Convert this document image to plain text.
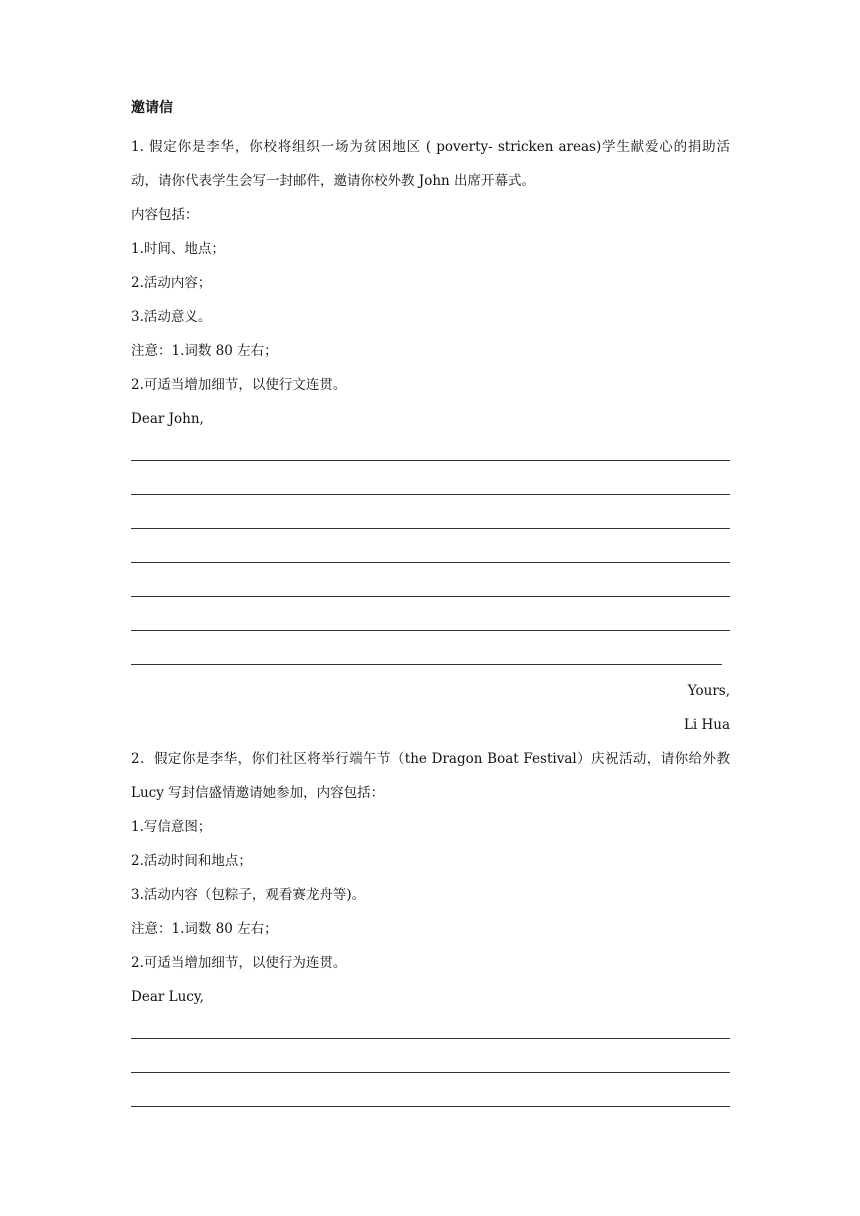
邀请信

1. 假定你是李华，你校将组织一场为贫困地区 ( poverty- stricken areas)学生献爱心的捐助活动，请你代表学生会写一封邮件，邀请你校外教 John 出席开幕式。

内容包括：

1.时间、地点；

2.活动内容；

3.活动意义。

注意：1.词数 80 左右；

2.可适当增加细节，以使行文连贯。

Dear John,

Yours,

Li Hua

2．假定你是李华，你们社区将举行端午节（the Dragon Boat Festival）庆祝活动，请你给外教 Lucy 写封信盛情邀请她参加，内容包括：

1.写信意图；

2.活动时间和地点；

3.活动内容（包粽子，观看赛龙舟等)。

注意：1.词数 80 左右；

2.可适当增加细节，以使行为连贯。

Dear Lucy,
